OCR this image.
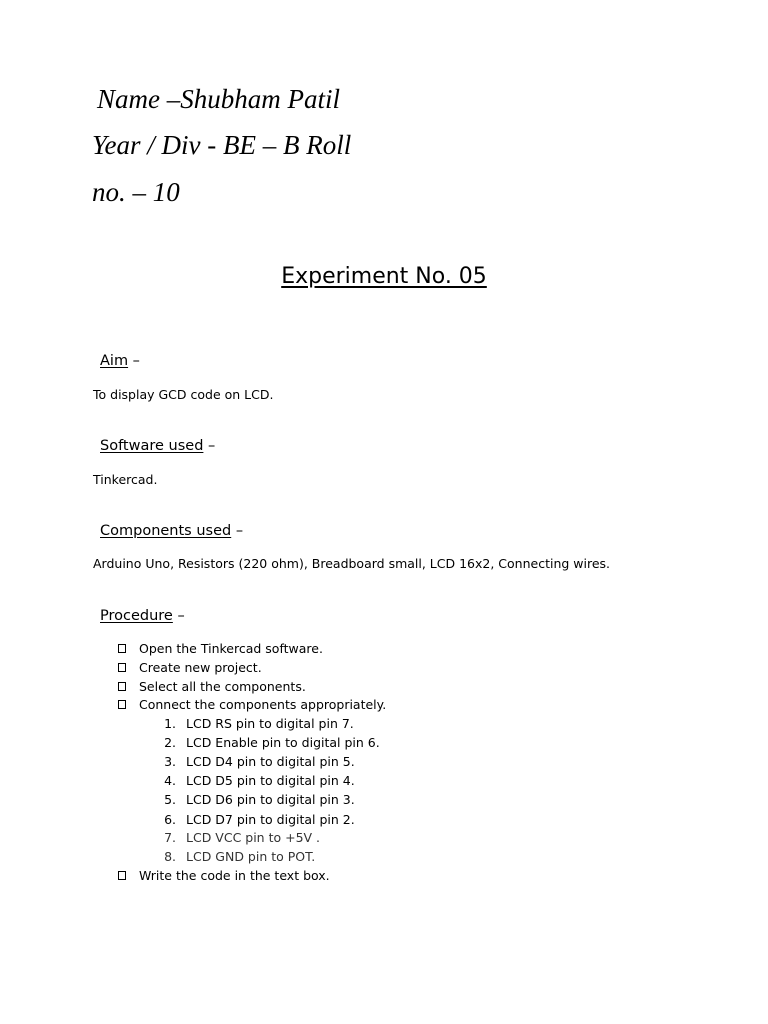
Name –Shubham Patil
Year / Div - BE – B Roll
no. – 10
Experiment No. 05
Aim –
To display GCD code on LCD.
Software used –
Tinkercad.
Components used –
Arduino Uno, Resistors (220 ohm), Breadboard small, LCD 16x2, Connecting wires.
Procedure –
Open the Tinkercad software.
Create new project.
Select all the components.
Connect the components appropriately.
1. LCD RS pin to digital pin 7.
2. LCD Enable pin to digital pin 6.
3. LCD D4 pin to digital pin 5.
4. LCD D5 pin to digital pin 4.
5. LCD D6 pin to digital pin 3.
6. LCD D7 pin to digital pin 2.
7. LCD VCC pin to +5V .
8. LCD GND pin to POT.
Write the code in the text box.
